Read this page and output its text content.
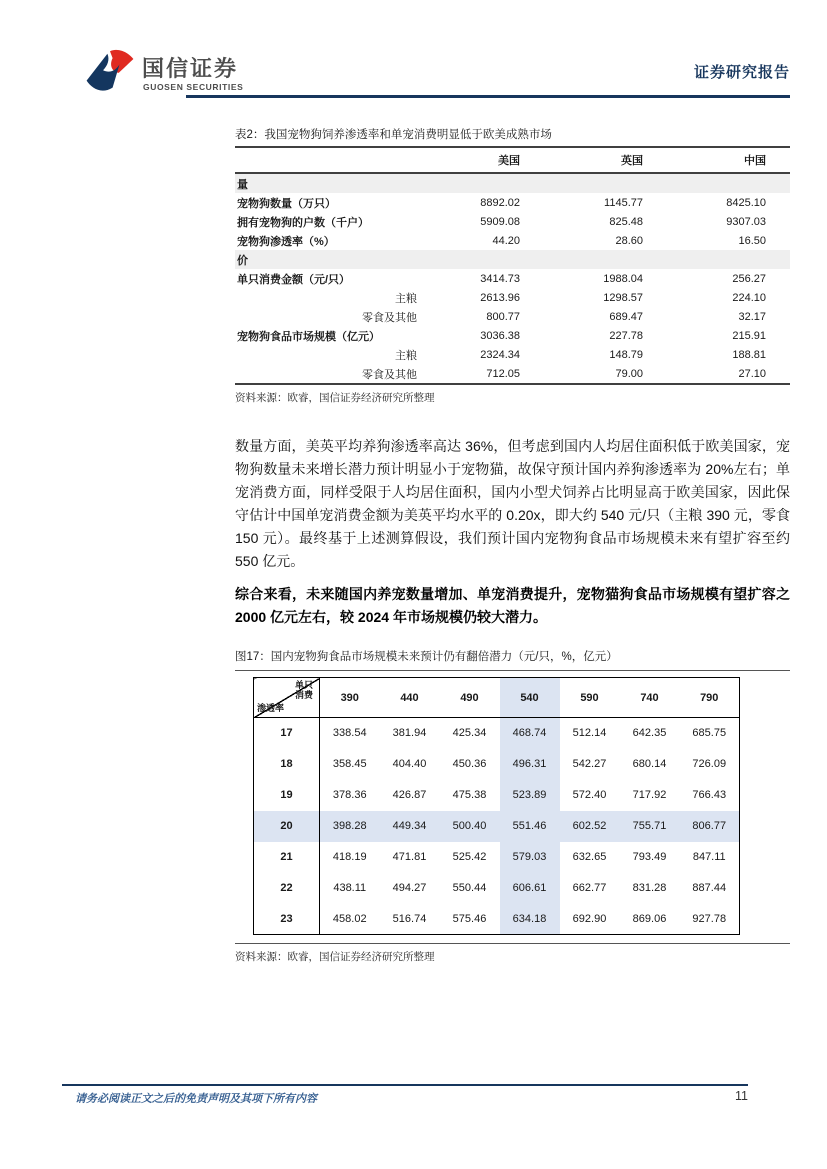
国信证券
GUOSEN SECURITIES
证券研究报告
表2：我国宠物狗饲养渗透率和单宠消费明显低于欧美成熟市场
	美国	英国	中国
量			
宠物狗数量（万只）	8892.02	1145.77	8425.10
拥有宠物狗的户数（千户）	5909.08	825.48	9307.03
宠物狗渗透率（%）	44.20	28.60	16.50
价			
单只消费金额（元/只）	3414.73	1988.04	256.27
主粮	2613.96	1298.57	224.10
零食及其他	800.77	689.47	32.17
宠物狗食品市场规模（亿元）	3036.38	227.78	215.91
主粮	2324.34	148.79	188.81
零食及其他	712.05	79.00	27.10
资料来源：欧睿，国信证券经济研究所整理
数量方面，美英平均养狗渗透率高达 36%，但考虑到国内人均居住面积低于欧美国家，宠物狗数量未来增长潜力预计明显小于宠物猫，故保守预计国内养狗渗透率为 20%左右；单宠消费方面，同样受限于人均居住面积，国内小型犬饲养占比明显高于欧美国家，因此保守估计中国单宠消费金额为美英平均水平的 0.20x，即大约 540 元/只（主粮 390 元，零食 150 元）。最终基于上述测算假设，我们预计国内宠物狗食品市场规模未来有望扩容至约 550 亿元。
综合来看，未来随国内养宠数量增加、单宠消费提升，宠物猫狗食品市场规模有望扩容之 2000 亿元左右，较 2024 年市场规模仍较大潜力。
图17：国内宠物狗食品市场规模未来预计仍有翻倍潜力（元/只，%，亿元）
单只消费
渗透率	390	440	490	540	590	740	790
17	338.54	381.94	425.34	468.74	512.14	642.35	685.75
18	358.45	404.40	450.36	496.31	542.27	680.14	726.09
19	378.36	426.87	475.38	523.89	572.40	717.92	766.43
20	398.28	449.34	500.40	551.46	602.52	755.71	806.77
21	418.19	471.81	525.42	579.03	632.65	793.49	847.11
22	438.11	494.27	550.44	606.61	662.77	831.28	887.44
23	458.02	516.74	575.46	634.18	692.90	869.06	927.78
资料来源：欧睿，国信证券经济研究所整理
请务必阅读正文之后的免责声明及其项下所有内容	11
